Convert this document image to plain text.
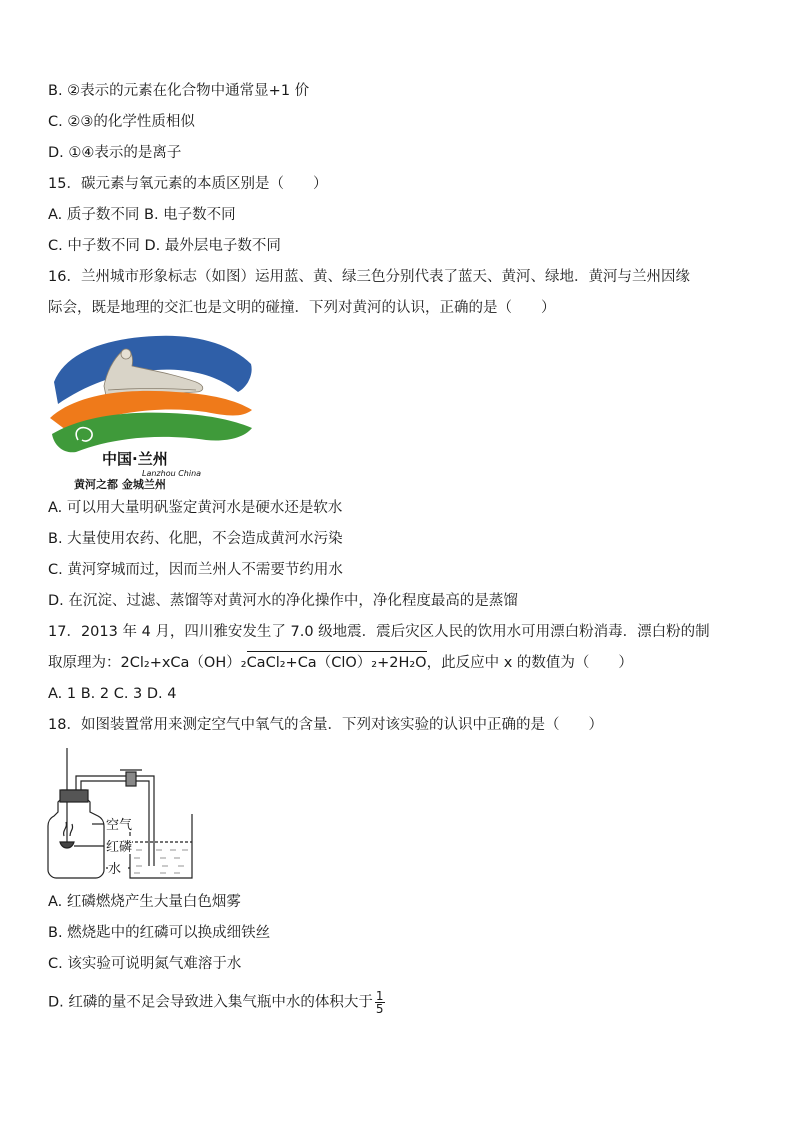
B. ②表示的元素在化合物中通常显+1 价
C. ②③的化学性质相似
D. ①④表示的是离子
15．碳元素与氧元素的本质区别是（　　）
A. 质子数不同 B. 电子数不同
C. 中子数不同 D. 最外层电子数不同
16．兰州城市形象标志（如图）运用蓝、黄、绿三色分别代表了蓝天、黄河、绿地．黄河与兰州因缘
际会，既是地理的交汇也是文明的碰撞．下列对黄河的认识，正确的是（　　）
中国·兰州
Lanzhou China
黄河之都 金城兰州
A. 可以用大量明矾鉴定黄河水是硬水还是软水
B. 大量使用农药、化肥，不会造成黄河水污染
C. 黄河穿城而过，因而兰州人不需要节约用水
D. 在沉淀、过滤、蒸馏等对黄河水的净化操作中，净化程度最高的是蒸馏
17．2013 年 4 月，四川雅安发生了 7.0 级地震．震后灾区人民的饮用水可用漂白粉消毒．漂白粉的制
取原理为：2Cl₂+xCa（OH）₂
CaCl₂+Ca（ClO）₂+2H₂O，此反应中 x 的数值为（　　）
A. 1 B. 2 C. 3 D. 4
18．如图装置常用来测定空气中氧气的含量．下列对该实验的认识中正确的是（　　）
空气
红磷
水
A. 红磷燃烧产生大量白色烟雾
B. 燃烧匙中的红磷可以换成细铁丝
C. 该实验可说明氮气难溶于水
D. 红磷的量不足会导致进入集气瓶中水的体积大于 $\frac{1}{5}$
